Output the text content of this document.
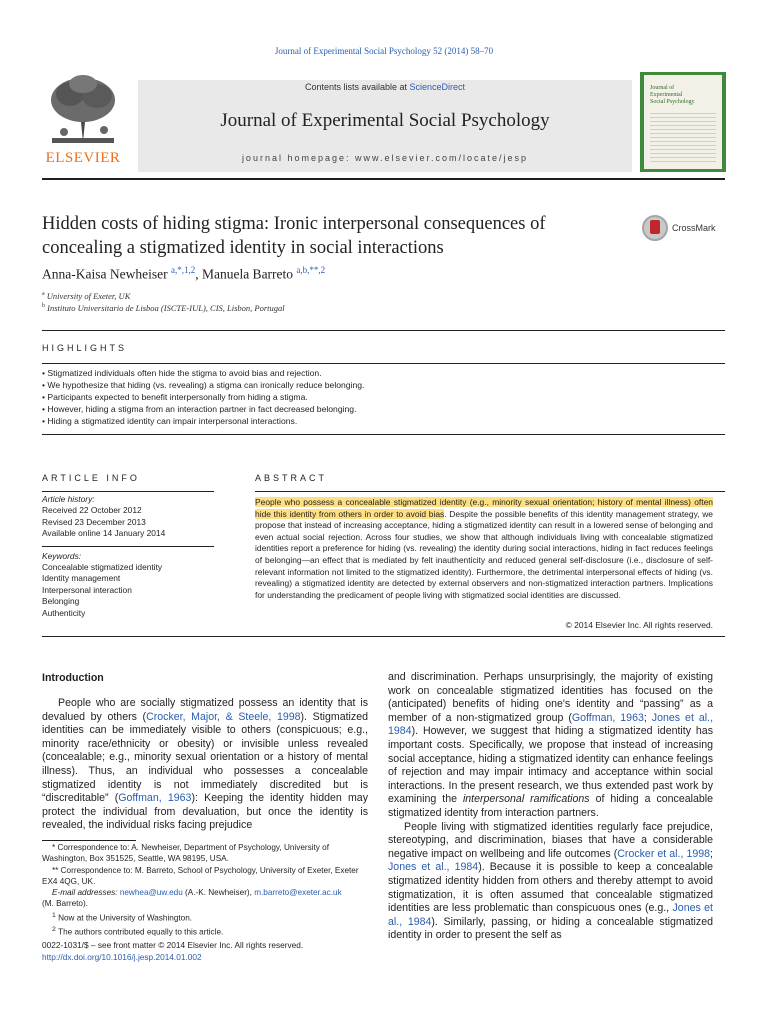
Journal of Experimental Social Psychology 52 (2014) 58–70
ELSEVIER
Contents lists available at ScienceDirect
Journal of Experimental Social Psychology
journal homepage: www.elsevier.com/locate/jesp
Journal of
Experimental
Social Psychology
Hidden costs of hiding stigma: Ironic interpersonal consequences of
concealing a stigmatized identity in social interactions
CrossMark
Anna-Kaisa Newheiser $^{a,*,1,2}$, Manuela Barreto $^{a,b,**,2}$
$^a$ University of Exeter, UK
$^b$ Instituto Universitario de Lisboa (ISCTE-IUL), CIS, Lisbon, Portugal
HIGHLIGHTS
• Stigmatized individuals often hide the stigma to avoid bias and rejection.
• We hypothesize that hiding (vs. revealing) a stigma can ironically reduce belonging.
• Participants expected to benefit interpersonally from hiding a stigma.
• However, hiding a stigma from an interaction partner in fact decreased belonging.
• Hiding a stigmatized identity can impair interpersonal interactions.
ARTICLE INFO
Article history:
Received 22 October 2012
Revised 23 December 2013
Available online 14 January 2014
Keywords:
Concealable stigmatized identity
Identity management
Interpersonal interaction
Belonging
Authenticity
ABSTRACT
People who possess a concealable stigmatized identity (e.g., minority sexual orientation; history of mental illness) often hide this identity from others in order to avoid bias. Despite the possible benefits of this identity management strategy, we propose that instead of increasing acceptance, hiding a stigmatized identity can result in a lowered sense of belonging and even actual social rejection. Across four studies, we show that although individuals living with concealable stigmatized identities report a preference for hiding (vs. revealing) the identity during social interactions, hiding in fact reduces feelings of belonging—an effect that is mediated by felt inauthenticity and reduced general self-disclosure (i.e., disclosure of self-relevant information not limited to the stigmatized identity). Furthermore, the detrimental interpersonal effects of hiding (vs. revealing) a stigmatized identity are detected by external observers and non-stigmatized interaction partners. Implications for understanding the predicament of people living with stigmatized social identities are discussed.
© 2014 Elsevier Inc. All rights reserved.
Introduction
People who are socially stigmatized possess an identity that is devalued by others (Crocker, Major, & Steele, 1998). Stigmatized identities can be immediately visible to others (conspicuous; e.g., minority race/ethnicity or obesity) or invisible unless revealed (concealable; e.g., minority sexual orientation or a history of mental illness). Thus, an individual who possesses a concealable stigmatized identity is not immediately discredited but is “discreditable” (Goffman, 1963): Keeping the identity hidden may protect the individual from devaluation, but once the identity is revealed, the individual risks facing prejudice
and discrimination. Perhaps unsurprisingly, the majority of existing work on concealable stigmatized identities has focused on the (anticipated) benefits of hiding one's identity and “passing” as a member of a non-stigmatized group (Goffman, 1963; Jones et al., 1984). However, we suggest that hiding a stigmatized identity has important costs. Specifically, we propose that instead of increasing social acceptance, hiding a stigmatized identity can enhance feelings of rejection and may impair intimacy and acceptance within social interactions. In the present research, we thus extended past work by examining the interpersonal ramifications of hiding a concealable stigmatized identity from interaction partners.
People living with stigmatized identities regularly face prejudice, stereotyping, and discrimination, biases that have a considerable negative impact on wellbeing and life outcomes (Crocker et al., 1998; Jones et al., 1984). Because it is possible to keep a concealable stigmatized identity hidden from others and thereby attempt to avoid stigmatization, it is often assumed that concealable stigmatized identities are less problematic than conspicuous ones (e.g., Jones et al., 1984). Similarly, passing, or hiding a concealable stigmatized identity in order to present the self as
* Correspondence to: A. Newheiser, Department of Psychology, University of Washington, Box 351525, Seattle, WA 98195, USA.
** Correspondence to: M. Barreto, School of Psychology, University of Exeter, Exeter EX4 4QG, UK.
E-mail addresses: newhea@uw.edu (A.-K. Newheiser), m.barreto@exeter.ac.uk
(M. Barreto).
$^1$ Now at the University of Washington.
$^2$ The authors contributed equally to this article.
0022-1031/$ – see front matter © 2014 Elsevier Inc. All rights reserved.
http://dx.doi.org/10.1016/j.jesp.2014.01.002
